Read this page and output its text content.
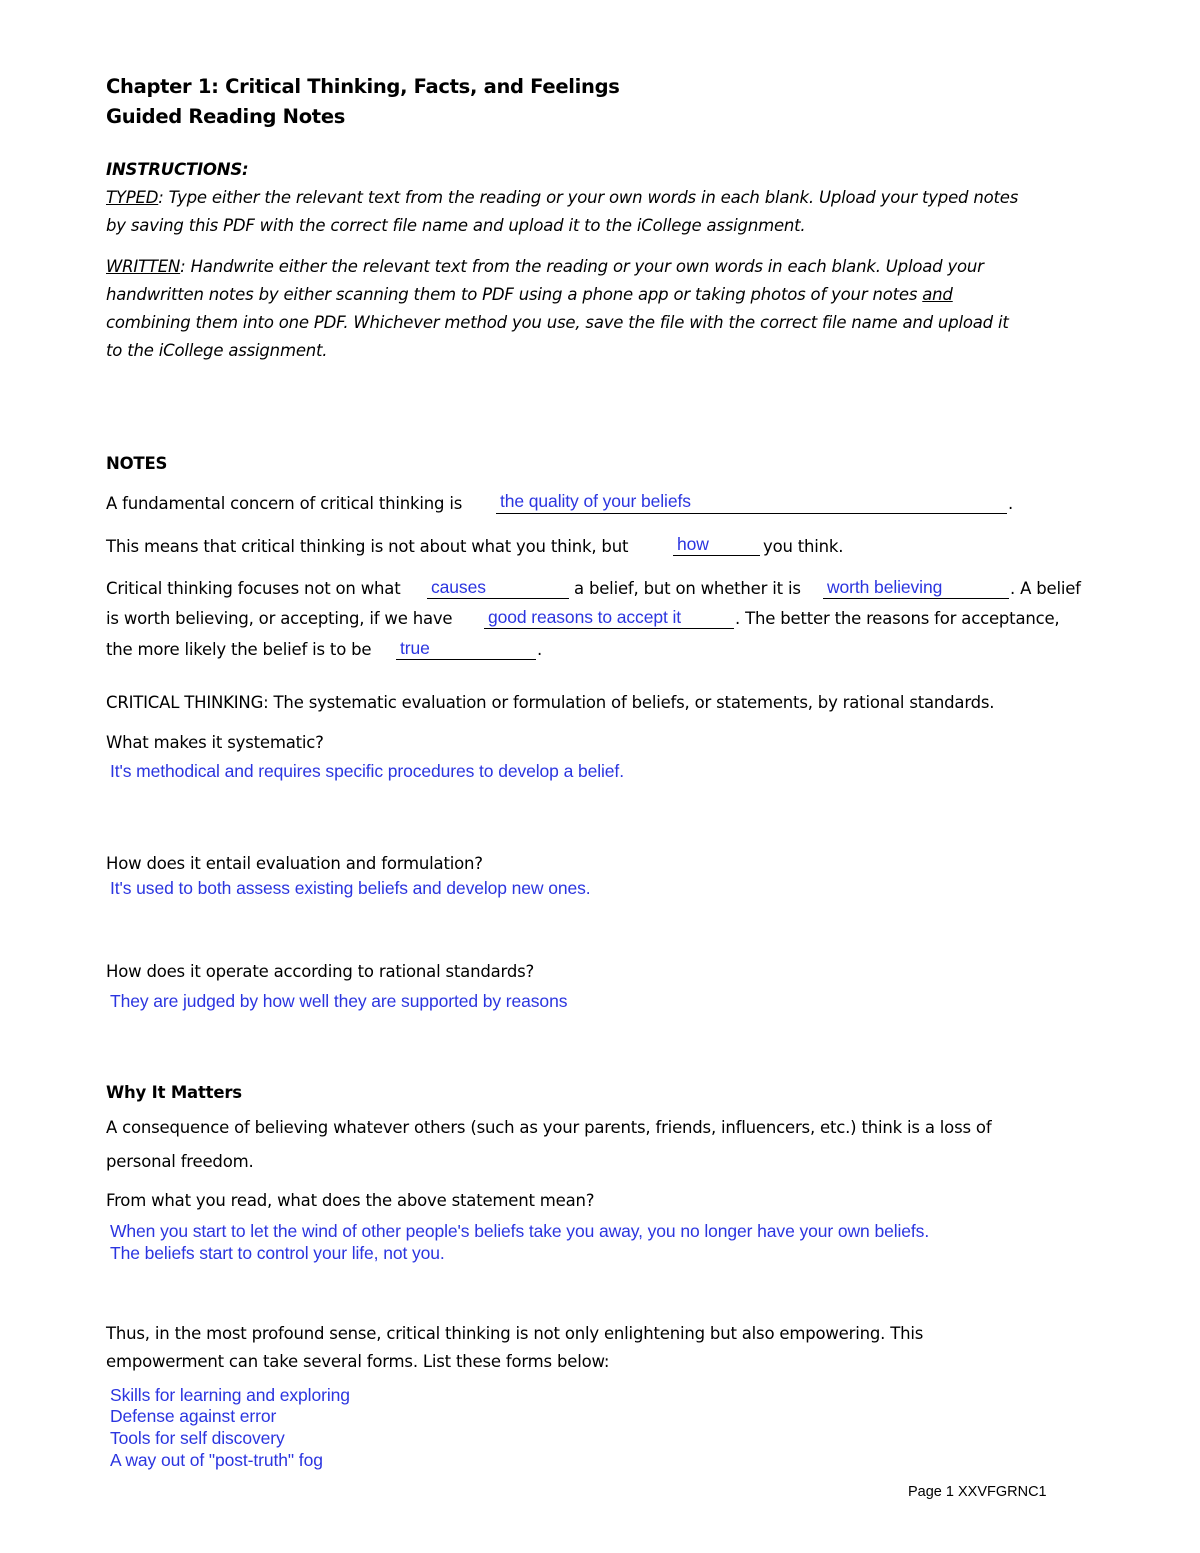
Chapter 1: Critical Thinking, Facts, and Feelings
Guided Reading Notes
INSTRUCTIONS:
TYPED: Type either the relevant text from the reading or your own words in each blank. Upload your typed notes
by saving this PDF with the correct file name and upload it to the iCollege assignment.
WRITTEN: Handwrite either the relevant text from the reading or your own words in each blank. Upload your
handwritten notes by either scanning them to PDF using a phone app or taking photos of your notes and
combining them into one PDF. Whichever method you use, save the file with the correct file name and upload it
to the iCollege assignment.
NOTES
A fundamental concern of critical thinking is the quality of your beliefs	.
This means that critical thinking is not about what you think, but	how	you think.
Critical thinking focuses not on what causes	a belief, but on whether it is worth believing	. A belief
is worth believing, or accepting, if we have good reasons to accept it	. The better the reasons for acceptance,
the more likely the belief is to be true	.
CRITICAL THINKING: The systematic evaluation or formulation of beliefs, or statements, by rational standards.
What makes it systematic?
It's methodical and requires specific procedures to develop a belief.
How does it entail evaluation and formulation?
It's used to both assess existing beliefs and develop new ones.
How does it operate according to rational standards?
They are judged by how well they are supported by reasons
Why It Matters
A consequence of believing whatever others (such as your parents, friends, influencers, etc.) think is a loss of
personal freedom.
From what you read, what does the above statement mean?
When you start to let the wind of other people's beliefs take you away, you no longer have your own beliefs.
The beliefs start to control your life, not you.
Thus, in the most profound sense, critical thinking is not only enlightening but also empowering. This
empowerment can take several forms. List these forms below:
Skills for learning and exploring
Defense against error
Tools for self discovery
A way out of "post-truth" fog
Page 1 XXVFGRNC1
